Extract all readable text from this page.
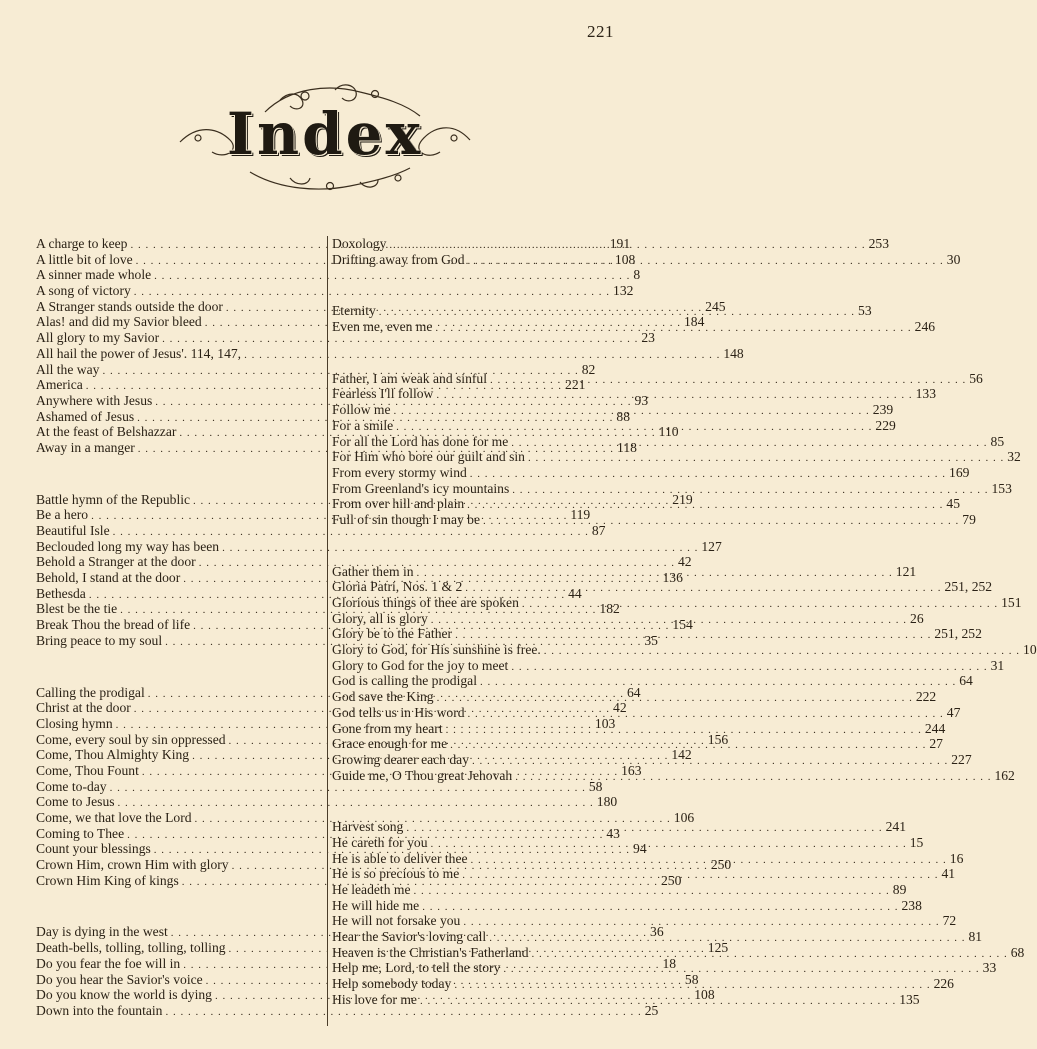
221
Index
A charge to keep . . .	191
A little bit of love . . .	108
A sinner made whole . . .	8
A song of victory . . .	132
A Stranger stands outside the door . . .	245
Alas! and did my Savior bleed . . .	184
All glory to my Savior . . .	23
All hail the power of Jesus'. 114, 147, . . .	148
All the way . . .	82
America . . .	221
Anywhere with Jesus . . .	93
Ashamed of Jesus . . .	88
At the feast of Belshazzar . . .	110
Away in a manger . . .	118
Battle hymn of the Republic . . .	219
Be a hero . . .	119
Beautiful Isle . . .	87
Beclouded long my way has been . . .	127
Behold a Stranger at the door . . .	42
Behold, I stand at the door . . .	136
Bethesda . . .	44
Blest be the tie . . .	182
Break Thou the bread of life . . .	154
Bring peace to my soul . . .	35
Calling the prodigal . . .	64
Christ at the door . . .	42
Closing hymn . . .	103
Come, every soul by sin oppressed . . .	156
Come, Thou Almighty King . . .	142
Come, Thou Fount . . .	163
Come to-day . . .	58
Come to Jesus . . .	180
Come, we that love the Lord . . .	106
Coming to Thee . . .	43
Count your blessings . . .	94
Crown Him, crown Him with glory . . .	250
Crown Him King of kings . . .	250
Day is dying in the west . . .	36
Death-bells, tolling, tolling, tolling . . .	125
Do you fear the foe will in . . .	18
Do you hear the Savior's voice . . .	58
Do you know the world is dying . . .	108
Down into the fountain . . .	25
Doxology . . .	253
Drifting away from God . . .	30
Eternity . . .	53
Even me, even me . . .	246
Father, I am weak and sinful . . .	56
Fearless I'll follow . . .	133
Follow me . . .	239
For a smile . . .	229
For all the Lord has done for me . . .	85
For Him who bore our guilt and sin . . .	32
From every stormy wind . . .	169
From Greenland's icy mountains . . .	153
From over hill and plain . . .	45
Full of sin though I may be . . .	79
Gather them in . . .	121
Gloria Patri, Nos. 1 & 2 . . .	251, 252
Glorious things of thee are spoken . . .	151
Glory, all is glory . . .	26
Glory be to the Father . . .	251, 252
Glory to God, for His sunshine is free. . . .	10
Glory to God for the joy to meet . . .	31
God is calling the prodigal . . .	64
God save the King . . .	222
God tells us in His word . . .	47
Gone from my heart . . .	244
Grace enough for me . . .	27
Growing dearer each day . . .	227
Guide me, O Thou great Jehovah . . .	162
Harvest song . . .	241
He careth for you . . .	15
He is able to deliver thee . . .	16
He is so precious to me . . .	41
He leadeth me . . .	89
He will hide me . . .	238
He will not forsake you . . .	72
Hear the Savior's loving call . . .	81
Heaven is the Christian's Fatherland . . .	68
Help me, Lord, to tell the story . . .	33
Help somebody today . . .	226
His love for me . . .	135
